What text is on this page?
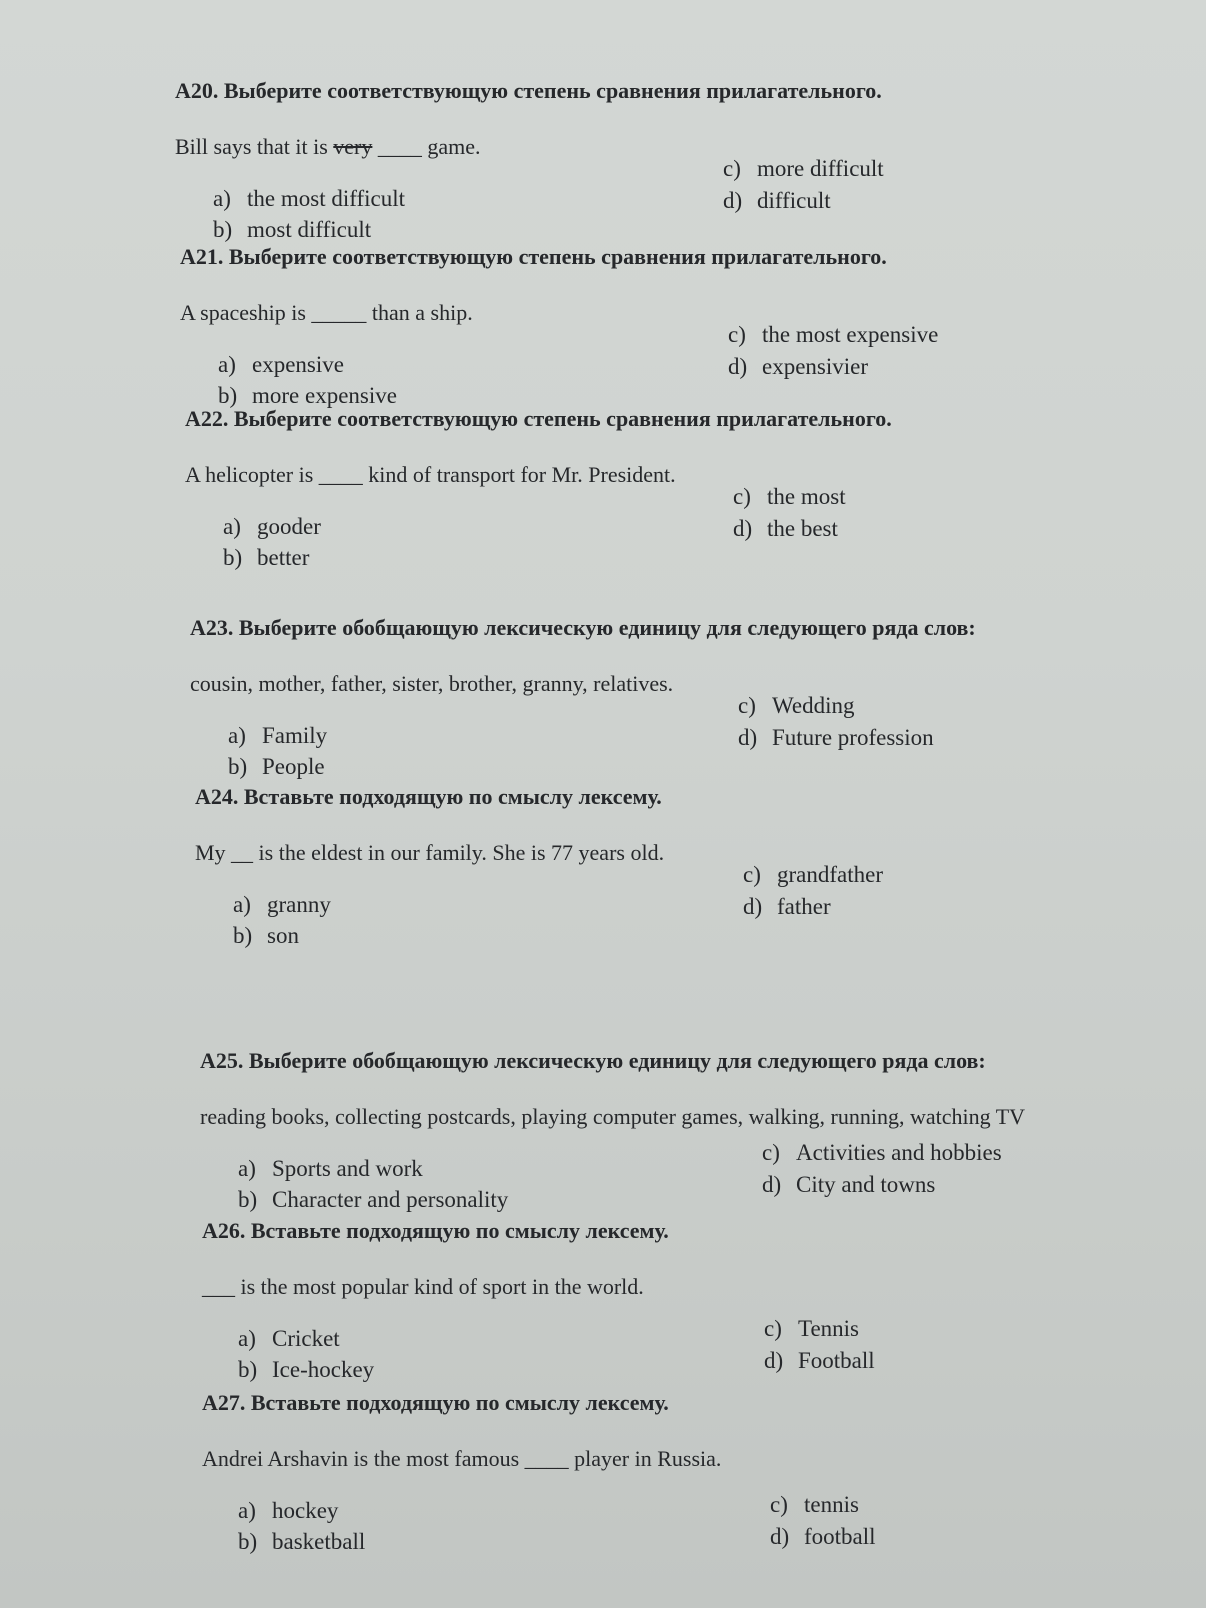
A20. Выберите соответствующую степень сравнения прилагательного.

Bill says that it is very ____ game.
a) the most difficult
b) most difficult
c) more difficult
d) difficult

A21. Выберите соответствующую степень сравнения прилагательного.

A spaceship is _____ than a ship.
a) expensive
b) more expensive
c) the most expensive
d) expensivier

A22. Выберите соответствующую степень сравнения прилагательного.

A helicopter is ____ kind of transport for Mr. President.
a) gooder
b) better
c) the most
d) the best

A23. Выберите обобщающую лексическую единицу для следующего ряда слов:

cousin, mother, father, sister, brother, granny, relatives.
a) Family
b) People
c) Wedding
d) Future profession

A24. Вставьте подходящую по смыслу лексему.

My __ is the eldest in our family. She is 77 years old.
a) granny
b) son
c) grandfather
d) father

A25. Выберите обобщающую лексическую единицу для следующего ряда слов:

reading books, collecting postcards, playing computer games, walking, running, watching TV
a) Sports and work
b) Character and personality
c) Activities and hobbies
d) City and towns

A26. Вставьте подходящую по смыслу лексему.

___ is the most popular kind of sport in the world.
a) Cricket
b) Ice-hockey
c) Tennis
d) Football

A27. Вставьте подходящую по смыслу лексему.

Andrei Arshavin is the most famous ____ player in Russia.
a) hockey
b) basketball
c) tennis
d) football
